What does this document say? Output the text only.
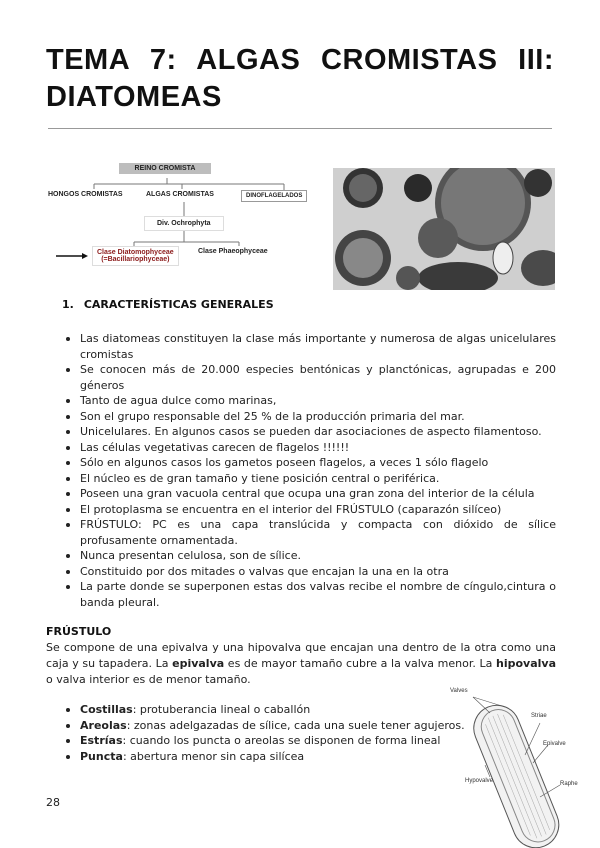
TEMA 7: ALGAS CROMISTAS III: DIATOMEAS
REINO CROMISTA
HONGOS CROMISTAS	ALGAS CROMISTAS	DINOFLAGELADOS
Div. Ochrophyta
Clase Diatomophyceae
(=Bacillariophyceae)
Clase Phaeophyceae
1. CARACTERÍSTICAS GENERALES
Las diatomeas constituyen la clase más importante y numerosa de algas unicelulares cromistas
Se conocen más de 20.000 especies bentónicas y planctónicas, agrupadas e 200 géneros
Tanto de agua dulce como marinas,
Son el grupo responsable del 25 % de la producción primaria del mar.
Unicelulares. En algunos casos se pueden dar asociaciones de aspecto filamentoso.
Las células vegetativas carecen de flagelos !!!!!!
Sólo en algunos casos los gametos poseen flagelos, a veces 1 sólo flagelo
El núcleo es de gran tamaño y tiene posición central o periférica.
Poseen una gran vacuola central que ocupa una gran zona del interior de la célula
El protoplasma se encuentra en el interior del FRÚSTULO (caparazón silíceo)
FRÚSTULO: PC es una capa translúcida y compacta con dióxido de sílice profusamente ornamentada.
Nunca presentan celulosa, son de sílice.
Constituido por dos mitades o valvas que encajan la una en la otra
La parte donde se superponen estas dos valvas recibe el nombre de cíngulo,cintura o banda pleural.
FRÚSTULO
Se compone de una epivalva y una hipovalva que encajan una dentro de la otra como una caja y su tapadera. La epivalva es de mayor tamaño cubre a la valva menor. La hipovalva o valva interior es de menor tamaño.
Costillas: protuberancia lineal o caballón
Areolas: zonas adelgazadas de sílice, cada una suele tener agujeros.
Estrías: cuando los puncta o areolas se disponen de forma lineal
Puncta: abertura menor sin capa silícea
Valves
Striae
Epivalve
Raphe
Hypovalve
28
